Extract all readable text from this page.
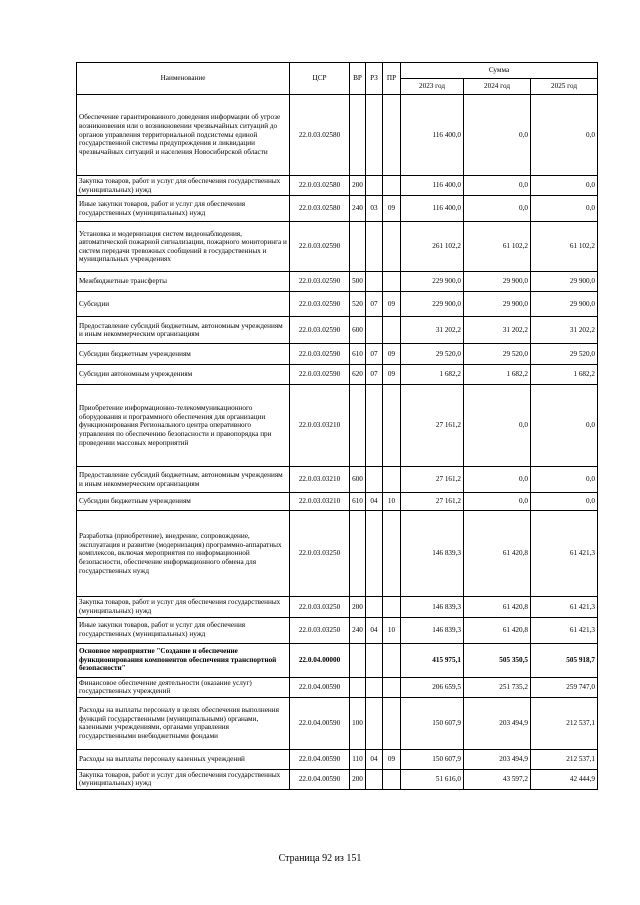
Наименование	ЦСР	ВР	РЗ	ПР	Сумма		
					2023 год	2024 год	2025 год
Обеспечение гарантированного доведения информации об угрозе возникновения или о возникновении чрезвычайных ситуаций до органов управления территориальной подсистемы единой государственной системы предупреждения и ликвидации чрезвычайных ситуаций и населения Новосибирской области	22.0.03.02580				116 400,0	0,0	0,0
Закупка товаров, работ и услуг для обеспечения государственных (муниципальных) нужд	22.0.03.02580	200			116 400,0	0,0	0,0
Иные закупки товаров, работ и услуг для обеспечения государственных (муниципальных) нужд	22.0.03.02580	240	03	09	116 400,0	0,0	0,0
Установка и модернизация систем видеонаблюдения, автоматической пожарной сигнализации, пожарного мониторинга и систем передачи тревожных сообщений в государственных и муниципальных учреждениях	22.0.03.02590				261 102,2	61 102,2	61 102,2
Межбюджетные трансферты	22.0.03.02590	500			229 900,0	29 900,0	29 900,0
Субсидии	22.0.03.02590	520	07	09	229 900,0	29 900,0	29 900,0
Предоставление субсидий бюджетным, автономным учреждениям и иным некоммерческим организациям	22.0.03.02590	600			31 202,2	31 202,2	31 202,2
Субсидии бюджетным учреждениям	22.0.03.02590	610	07	09	29 520,0	29 520,0	29 520,0
Субсидии автономным учреждениям	22.0.03.02590	620	07	09	1 682,2	1 682,2	1 682,2
Приобретение информационно-телекоммуникационного оборудования и программного обеспечения для организации функционирования Регионального центра оперативного управления по обеспечению безопасности и правопорядка при проведении массовых мероприятий	22.0.03.03210				27 161,2	0,0	0,0
Предоставление субсидий бюджетным, автономным учреждениям и иным некоммерческим организациям	22.0.03.03210	600			27 161,2	0,0	0,0
Субсидии бюджетным учреждениям	22.0.03.03210	610	04	10	27 161,2	0,0	0,0
Разработка (приобретение), внедрение, сопровождение, эксплуатация и развитие (модернизация) программно-аппаратных комплексов, включая мероприятия по информационной безопасности, обеспечение информационного обмена для государственных нужд	22.0.03.03250				146 839,3	61 420,8	61 421,3
Закупка товаров, работ и услуг для обеспечения государственных (муниципальных) нужд	22.0.03.03250	200			146 839,3	61 420,8	61 421,3
Иные закупки товаров, работ и услуг для обеспечения государственных (муниципальных) нужд	22.0.03.03250	240	04	10	146 839,3	61 420,8	61 421,3
Основное мероприятие "Создание и обеспечение функционирования компонентов обеспечения транспортной безопасности"	22.0.04.00000				415 975,1	505 350,5	505 918,7
Финансовое обеспечение деятельности (оказание услуг) государственных учреждений	22.0.04.00590				206 659,5	251 735,2	259 747,0
Расходы на выплаты персоналу в целях обеспечения выполнения функций государственными (муниципальными) органами, казенными учреждениями, органами управления государственными внебюджетными фондами	22.0.04.00590	100			150 607,9	203 494,9	212 537,1
Расходы на выплаты персоналу казенных учреждений	22.0.04.00590	110	04	09	150 607,9	203 494,9	212 537,1
Закупка товаров, работ и услуг для обеспечения государственных (муниципальных) нужд	22.0.04.00590	200			51 616,0	43 597,2	42 444,9
Страница 92 из 151
